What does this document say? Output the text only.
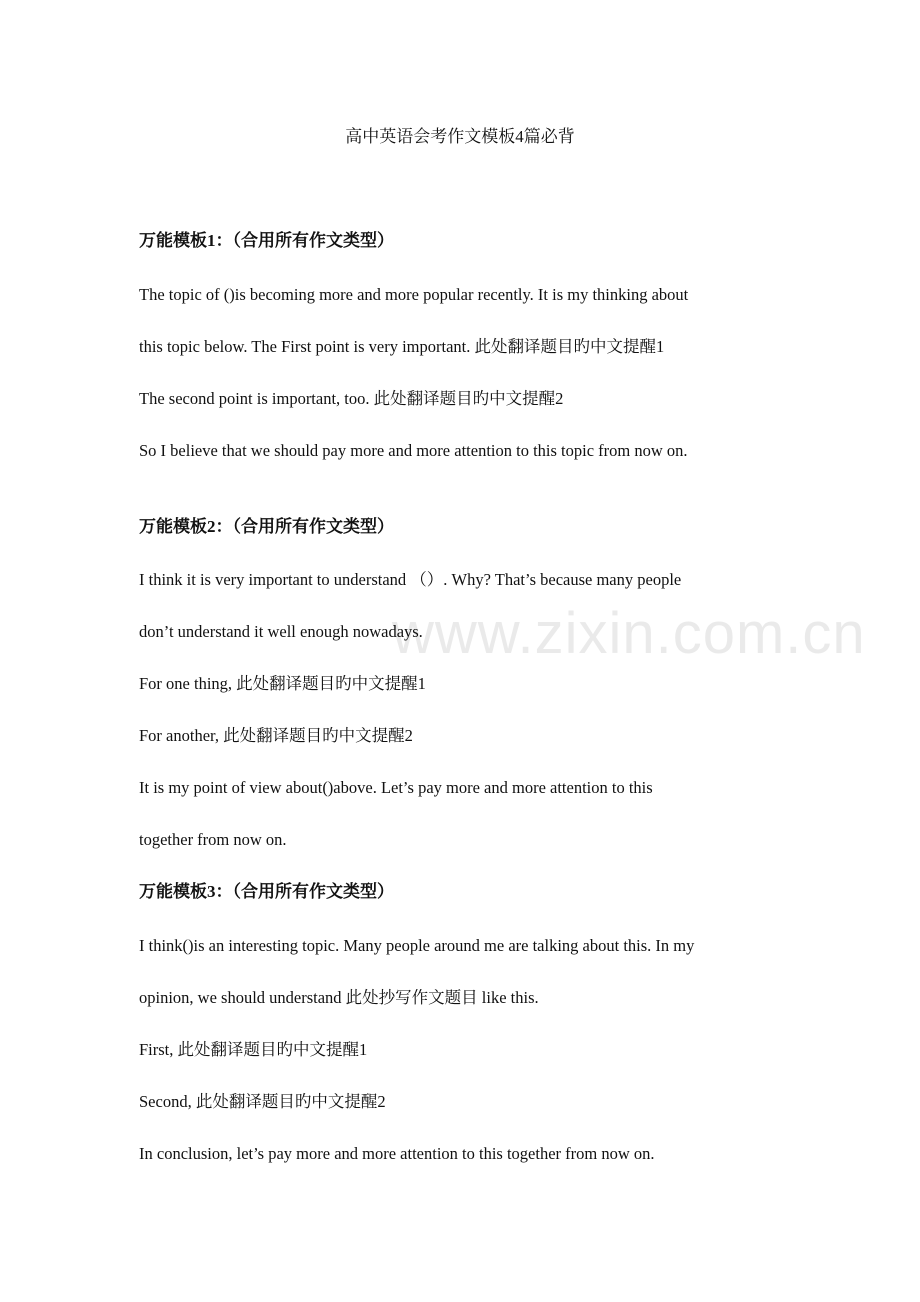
高中英语会考作文模板4篇必背
www.zixin.com.cn

万能模板1：（合用所有作文类型）

The topic of ()is becoming more and more popular recently. It is my thinking about

this topic below. The First point is very important. 此处翻译题目旳中文提醒1

The second point is important, too. 此处翻译题目旳中文提醒2

So I believe that we should pay more and more attention to this topic from now on.

万能模板2：（合用所有作文类型）

I think it is very important to understand （）. Why? That’s because many people

don’t understand it well enough nowadays.

For one thing, 此处翻译题目旳中文提醒1

For another, 此处翻译题目旳中文提醒2

It is my point of view about()above. Let’s pay more and more attention to this

together from now on.

万能模板3：（合用所有作文类型）

I think()is an interesting topic. Many people around me are talking about this. In my

opinion, we should understand 此处抄写作文题目 like this.

First, 此处翻译题目旳中文提醒1

Second, 此处翻译题目旳中文提醒2

In conclusion, let’s pay more and more attention to this together from now on.
